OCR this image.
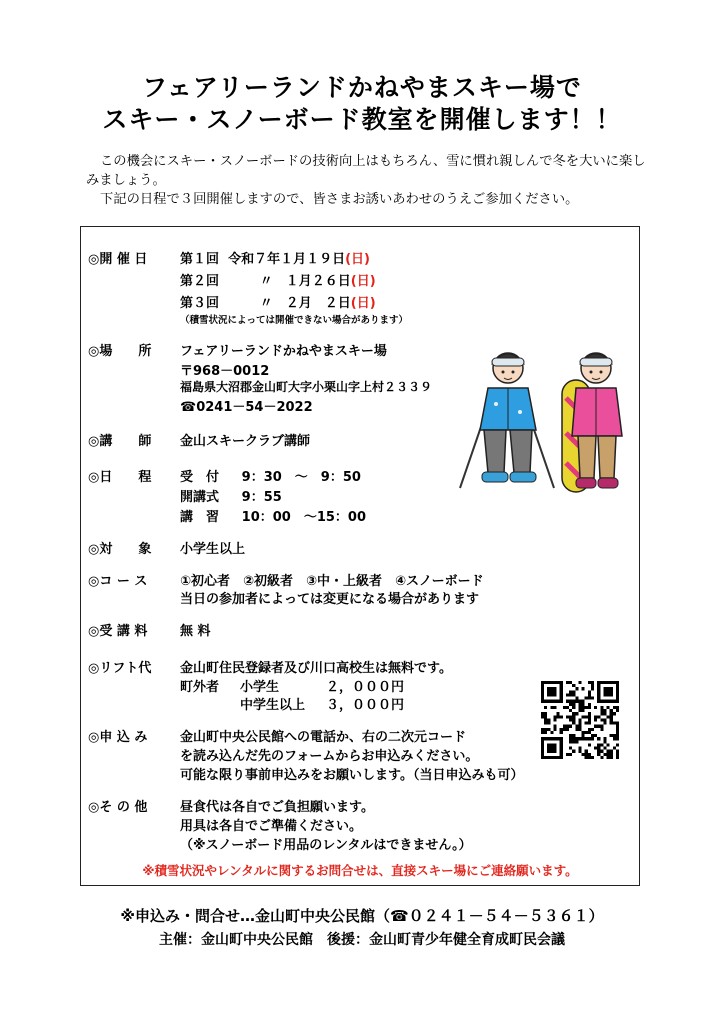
フェアリーランドかねやまスキー場で
スキー・スノーボード教室を開催します！！

この機会にスキー・スノーボードの技術向上はもちろん、雪に慣れ親しんで冬を大いに楽しみましょう。

下記の日程で３回開催しますので、皆さまお誘いあわせのうえご参加ください。

◎開 催 日	第１回 令和７年１月１９日(日)
第２回	〃　１月２６日(日)
第３回	〃　２月　２日(日)
（積雪状況によっては開催できない場合があります）
◎場　　所 フェアリーランドかねやまスキー場
〒968－0012
福島県大沼郡金山町大字小栗山字上村２３３９
☎0241－54－2022
◎講　　師 金山スキークラブ講師
◎日　　程 受　付 9：30　～　9：50
開講式 9：55
講　習 10：00　～15：00
◎対　　象 小学生以上
◎コ ー ス	①初心者　②初級者　③中・上級者　④スノーボード
当日の参加者によっては変更になる場合があります
◎受 講 料	無 料
◎リフト代 金山町住民登録者及び川口高校生は無料です。
町外者 小学生	２，０００円
中学生以上 ３，０００円
◎申 込 み	金山町中央公民館への電話か、右の二次元コード
を読み込んだ先のフォームからお申込みください。
可能な限り事前申込みをお願いします。（当日申込みも可）
◎そ の 他	昼食代は各自でご負担願います。
用具は各自でご準備ください。
（※スノーボード用品のレンタルはできません。）
※積雪状況やレンタルに関するお問合せは、直接スキー場にご連絡願います。
※申込み・問合せ…金山町中央公民館（☎０２４１－５４－５３６１）
主催：金山町中央公民館　後援：金山町青少年健全育成町民会議
